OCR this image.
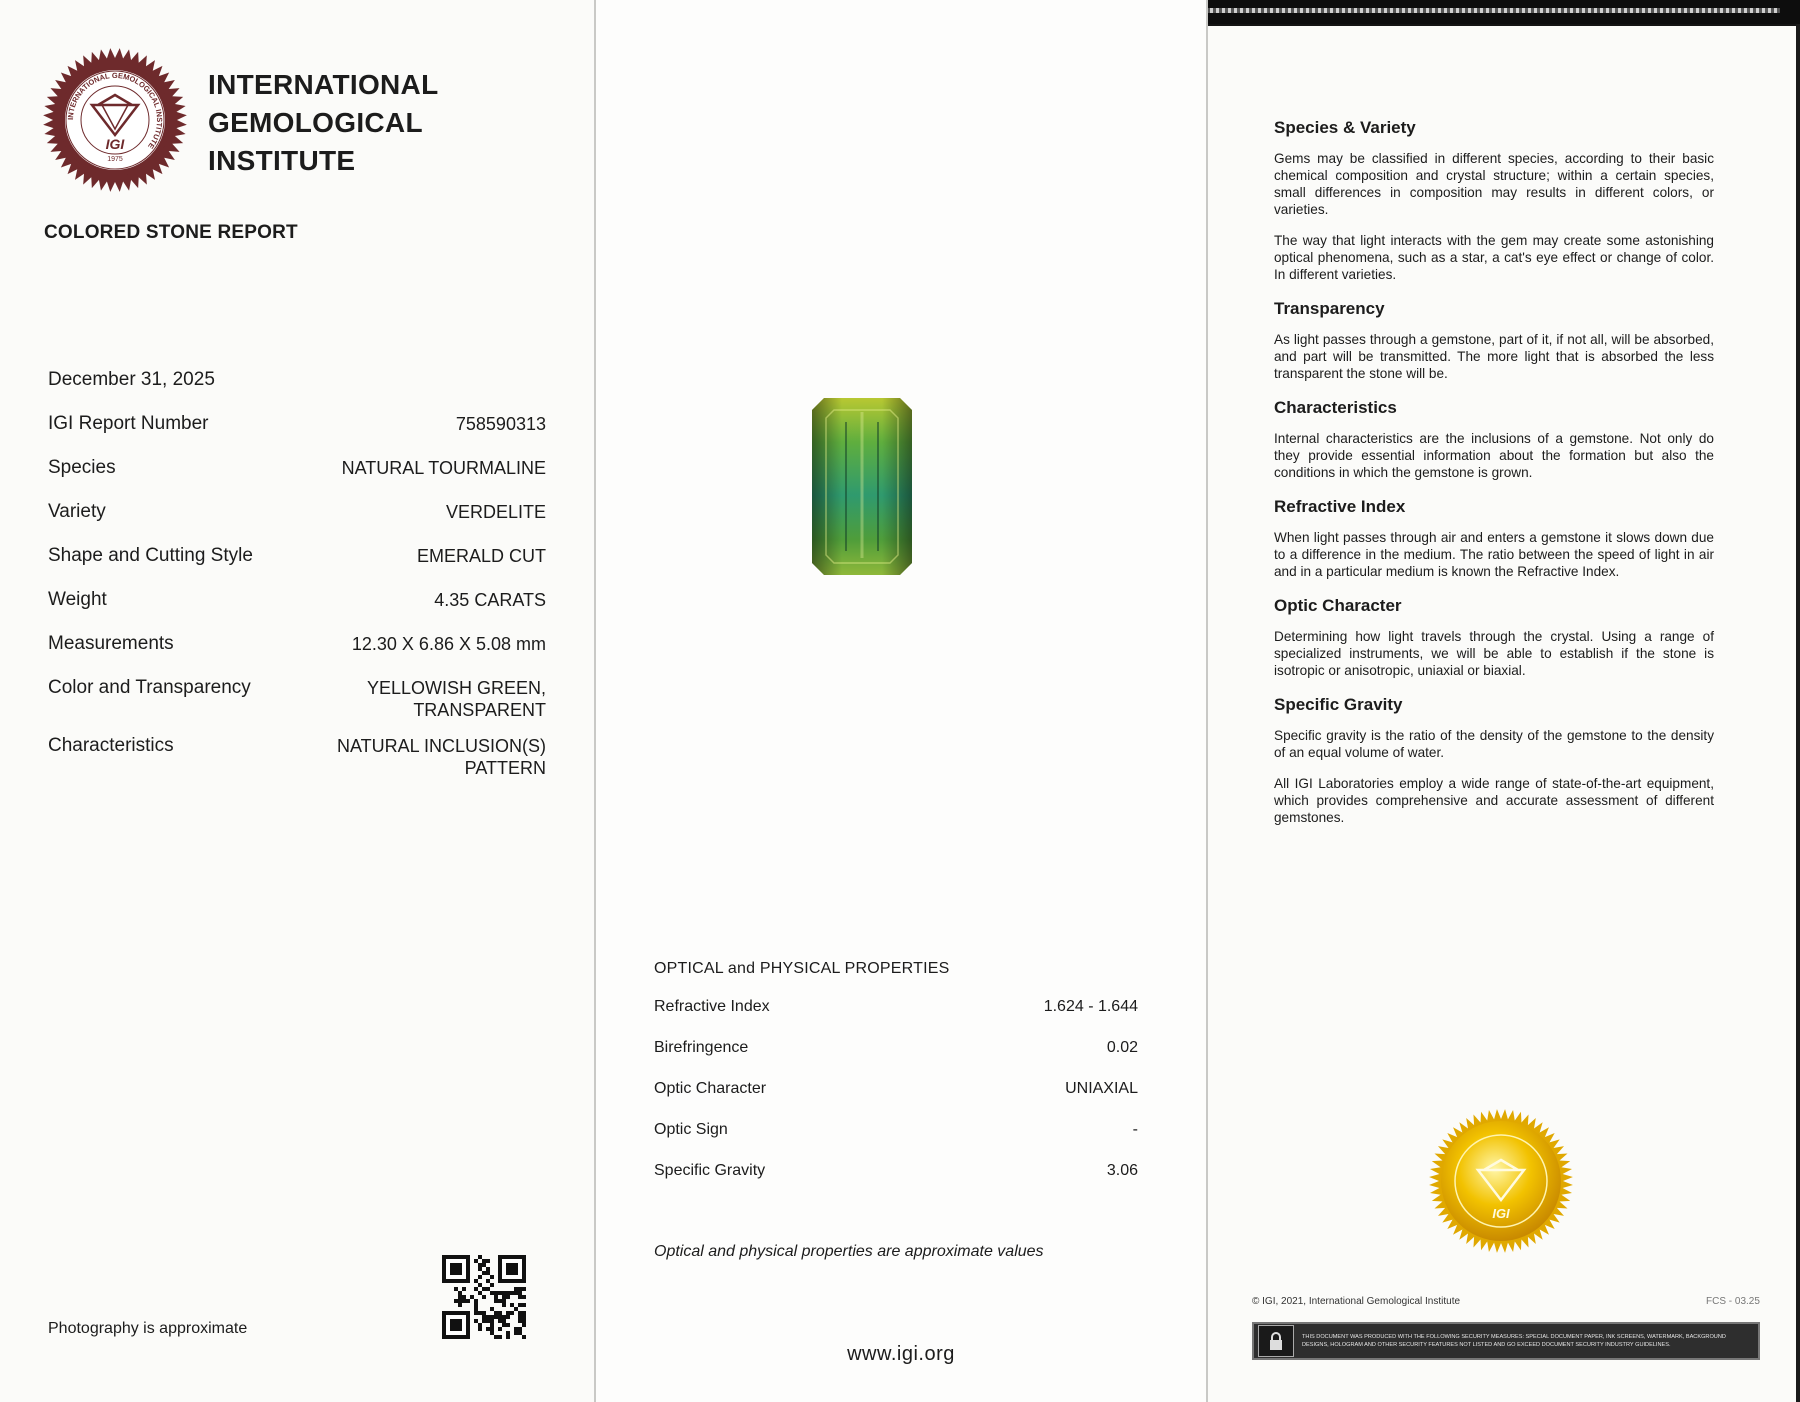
INTERNATIONAL GEMOLOGICAL INSTITUTE
IGI
1975
INTERNATIONAL
GEMOLOGICAL
INSTITUTE
COLORED STONE REPORT
December 31, 2025
IGI Report Number	758590313
Species	NATURAL TOURMALINE
Variety	VERDELITE
Shape and Cutting Style	EMERALD CUT
Weight	4.35 CARATS
Measurements	12.30 X 6.86 X 5.08 mm
Color and Transparency	YELLOWISH GREEN,
TRANSPARENT
Characteristics	NATURAL INCLUSION(S)
PATTERN
Photography is approximate
OPTICAL and PHYSICAL PROPERTIES
Refractive Index	1.624 - 1.644
Birefringence	0.02
Optic Character	UNIAXIAL
Optic Sign	-
Specific Gravity	3.06
Optical and physical properties are approximate values
www.igi.org
Species & Variety

Gems may be classified in different species, according to their basic chemical composition and crystal structure; within a certain species, small differences in composition may results in different colors, or varieties.

The way that light interacts with the gem may create some astonishing optical phenomena, such as a star, a cat's eye effect or change of color. In different varieties.

Transparency

As light passes through a gemstone, part of it, if not all, will be absorbed, and part will be transmitted. The more light that is absorbed the less transparent the stone will be.

Characteristics

Internal characteristics are the inclusions of a gemstone. Not only do they provide essential information about the formation but also the conditions in which the gemstone is grown.

Refractive Index

When light passes through air and enters a gemstone it slows down due to a difference in the medium. The ratio between the speed of light in air and in a particular medium is known the Refractive Index.

Optic Character

Determining how light travels through the crystal. Using a range of specialized instruments, we will be able to establish if the stone is isotropic or anisotropic, uniaxial or biaxial.

Specific Gravity

Specific gravity is the ratio of the density of the gemstone to the density of an equal volume of water.

All IGI Laboratories employ a wide range of state-of-the-art equipment, which provides comprehensive and accurate assessment of different gemstones.

IGI
© IGI, 2021, International Gemological Institute	FCS - 03.25
THIS DOCUMENT WAS PRODUCED WITH THE FOLLOWING SECURITY MEASURES: SPECIAL DOCUMENT PAPER, INK SCREENS, WATERMARK, BACKGROUND DESIGNS, HOLOGRAM AND OTHER SECURITY FEATURES NOT LISTED AND GO EXCEED DOCUMENT SECURITY INDUSTRY GUIDELINES.
